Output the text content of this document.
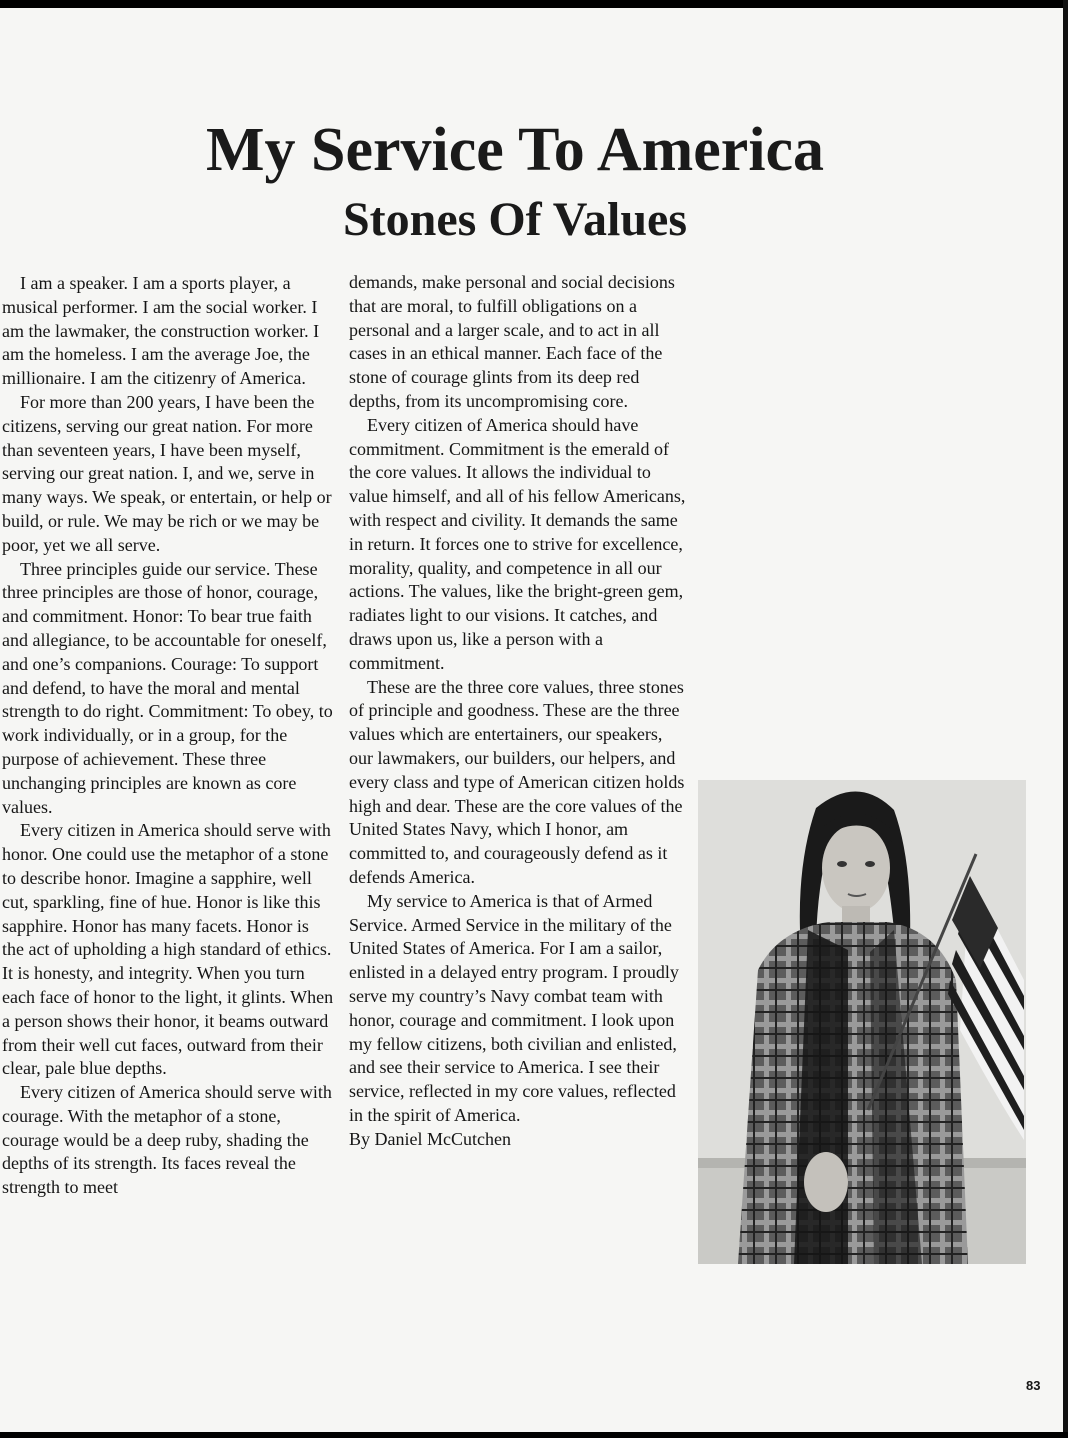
My Service To America
Stones Of Values

I am a speaker. I am a sports player, a musical performer. I am the social worker. I am the lawmaker, the construction worker. I am the homeless. I am the average Joe, the millionaire. I am the citizenry of America.

For more than 200 years, I have been the citizens, serving our great nation. For more than seventeen years, I have been myself, serving our great nation. I, and we, serve in many ways. We speak, or entertain, or help or build, or rule. We may be rich or we may be poor, yet we all serve.

Three principles guide our service. These three principles are those of honor, courage, and commitment. Honor: To bear true faith and allegiance, to be accountable for oneself, and one’s companions. Courage: To support and defend, to have the moral and mental strength to do right. Commitment: To obey, to work individually, or in a group, for the purpose of achievement. These three unchanging principles are known as core values.

Every citizen in America should serve with honor. One could use the metaphor of a stone to describe honor. Imagine a sapphire, well cut, sparkling, fine of hue. Honor is like this sapphire. Honor has many facets. Honor is the act of upholding a high standard of ethics. It is honesty, and integrity. When you turn each face of honor to the light, it glints. When a person shows their honor, it beams outward from their well cut faces, outward from their clear, pale blue depths.

Every citizen of America should serve with courage. With the metaphor of a stone, courage would be a deep ruby, shading the depths of its strength. Its faces reveal the strength to meet

demands, make personal and social decisions that are moral, to fulfill obligations on a personal and a larger scale, and to act in all cases in an ethical manner. Each face of the stone of courage glints from its deep red depths, from its uncompromising core.

Every citizen of America should have commitment. Commitment is the emerald of the core values. It allows the individual to value himself, and all of his fellow Americans, with respect and civility. It demands the same in return. It forces one to strive for excellence, morality, quality, and competence in all our actions. The values, like the bright-green gem, radiates light to our visions. It catches, and draws upon us, like a person with a commitment.

These are the three core values, three stones of principle and goodness. These are the three values which are entertainers, our speakers, our lawmakers, our builders, our helpers, and every class and type of American citizen holds high and dear. These are the core values of the United States Navy, which I honor, am committed to, and courageously defend as it defends America.

My service to America is that of Armed Service. Armed Service in the military of the United States of America. For I am a sailor, enlisted in a delayed entry program. I proudly serve my country’s Navy combat team with honor, courage and commitment. I look upon my fellow citizens, both civilian and enlisted, and see their service to America. I see their service, reflected in my core values, reflected in the spirit of America.

By Daniel McCutchen

83
